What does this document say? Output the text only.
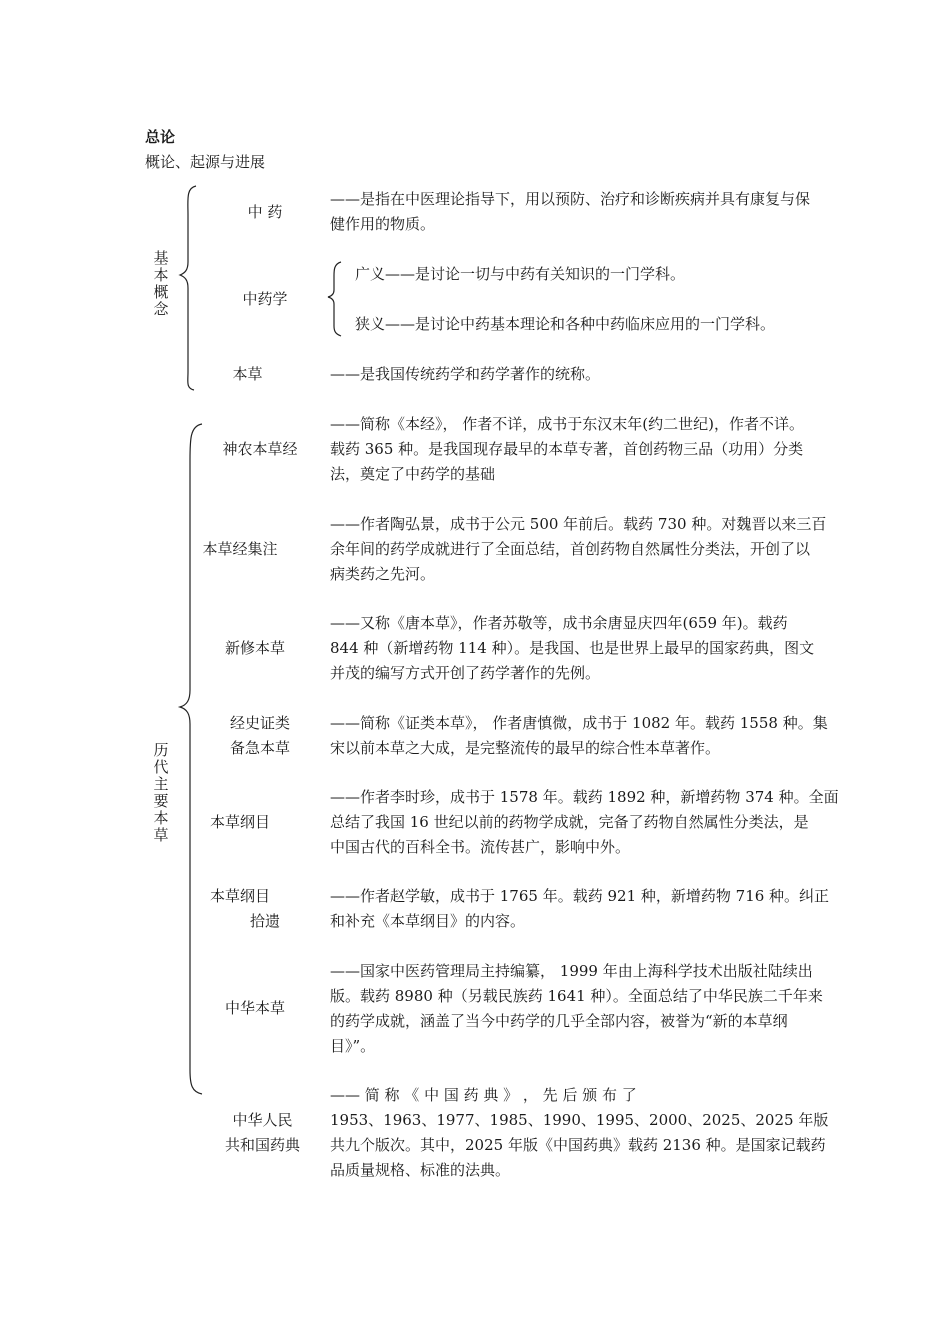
总论
概论、起源与进展
基本概念
中 药
——是指在中医理论指导下，用以预防、治疗和诊断疾病并具有康复与保
健作用的物质。
中药学
广义——是讨论一切与中药有关知识的一门学科。
狭义——是讨论中药基本理论和各种中药临床应用的一门学科。
本草	——是我国传统药学和药学著作的统称。
历代主要本草
神农本草经
——简称《本经》， 作者不详，成书于东汉末年(约二世纪)，作者不详。
载药 365 种。是我国现存最早的本草专著，首创药物三品（功用）分类
法，奠定了中药学的基础
本草经集注
——作者陶弘景，成书于公元 500 年前后。载药 730 种。对魏晋以来三百
余年间的药学成就进行了全面总结，首创药物自然属性分类法，开创了以
病类药之先河。
新修本草
——又称《唐本草》，作者苏敬等，成书余唐显庆四年(659 年)。载药
844 种（新增药物 114 种）。是我国、也是世界上最早的国家药典，图文
并茂的编写方式开创了药学著作的先例。
经史证类
备急本草
——简称《证类本草》， 作者唐慎微，成书于 1082 年。载药 1558 种。集
宋以前本草之大成，是完整流传的最早的综合性本草著作。
本草纲目
——作者李时珍，成书于 1578 年。载药 1892 种，新增药物 374 种。全面
总结了我国 16 世纪以前的药物学成就，完备了药物自然属性分类法，是
中国古代的百科全书。流传甚广，影响中外。
本草纲目
拾遗
——作者赵学敏，成书于 1765 年。载药 921 种，新增药物 716 种。纠正
和补充《本草纲目》的内容。
中华本草
——国家中医药管理局主持编纂， 1999 年由上海科学技术出版社陆续出
版。载药 8980 种（另载民族药 1641 种）。全面总结了中华民族二千年来
的药学成就，涵盖了当今中药学的几乎全部内容，被誉为“新的本草纲
目》”。
中华人民
共和国药典
—— 简 称 《 中 国 药 典 》 ， 先 后 颁 布 了
1953、1963、1977、1985、1990、1995、2000、2025、2025 年版
共九个版次。其中，2025 年版《中国药典》载药 2136 种。是国家记载药
品质量规格、标准的法典。
